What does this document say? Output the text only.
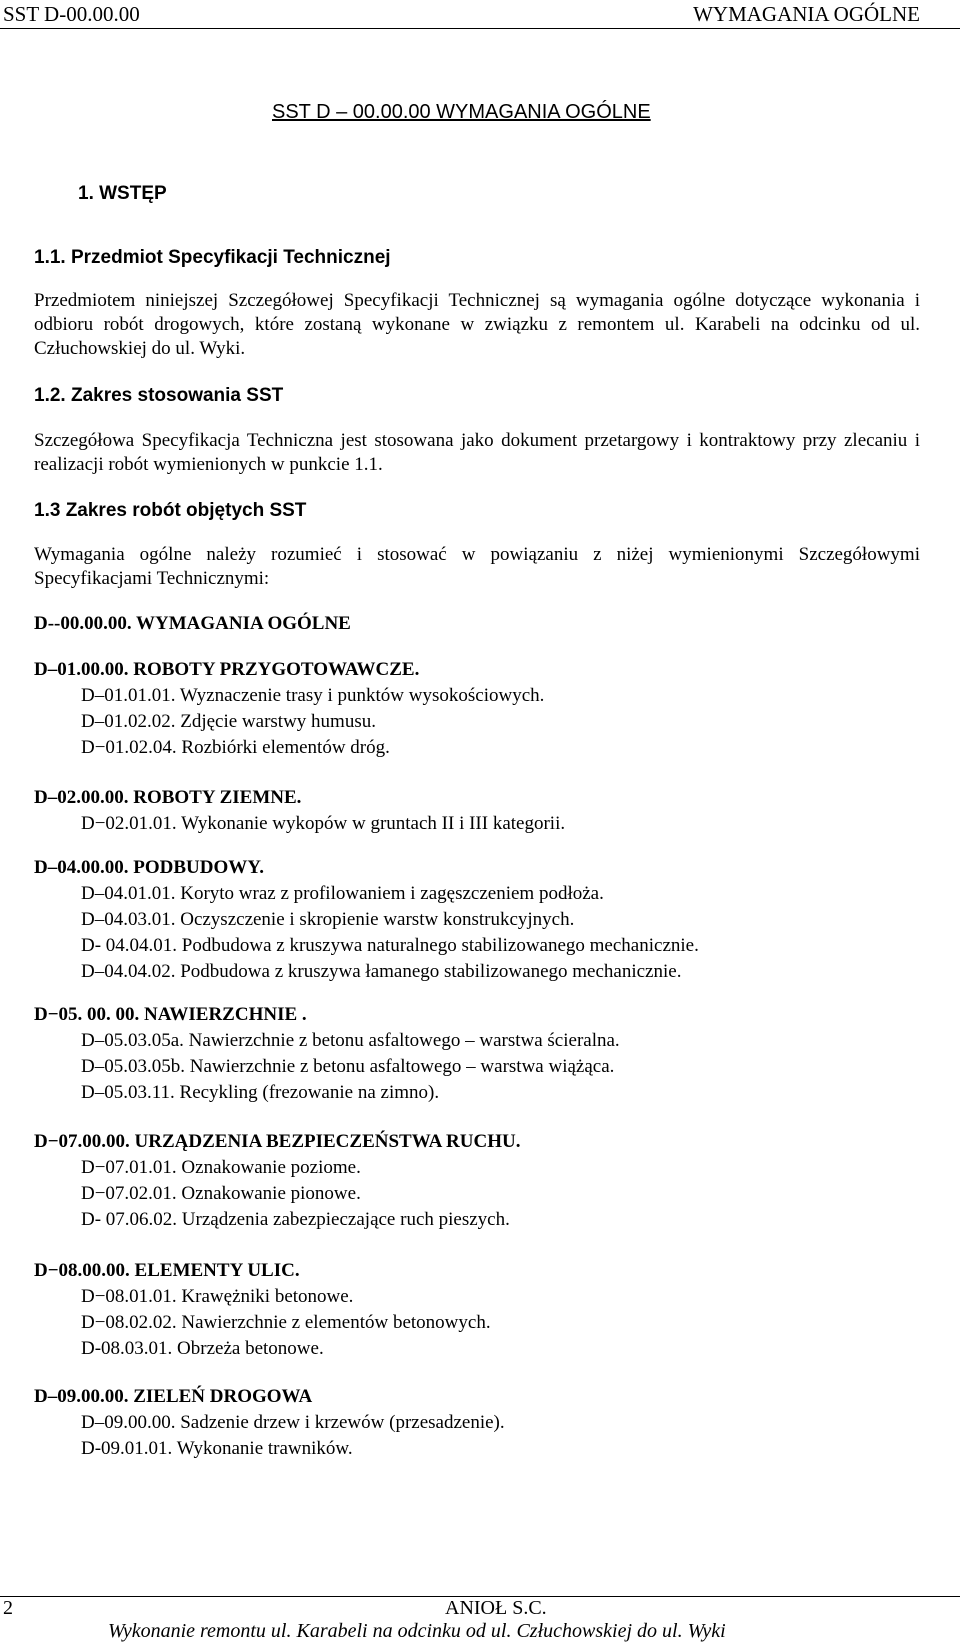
SST D-00.00.00	WYMAGANIA OGÓLNE
SST D – 00.00.00 WYMAGANIA OGÓLNE
1. WSTĘP
1.1. Przedmiot Specyfikacji Technicznej
Przedmiotem niniejszej Szczegółowej Specyfikacji Technicznej są wymagania ogólne dotyczące wykonania i odbioru robót drogowych, które zostaną wykonane w związku z remontem ul. Karabeli na odcinku od ul. Człuchowskiej do ul. Wyki.
1.2. Zakres stosowania SST
Szczegółowa Specyfikacja Techniczna jest stosowana jako dokument przetargowy i kontraktowy przy zlecaniu i realizacji robót wymienionych w punkcie 1.1.
1.3 Zakres robót objętych SST
Wymagania ogólne należy rozumieć i stosować w powiązaniu z niżej wymienionymi Szczegółowymi Specyfikacjami Technicznymi:
D--00.00.00. WYMAGANIA OGÓLNE
D–01.00.00. ROBOTY PRZYGOTOWAWCZE.
D–01.01.01. Wyznaczenie trasy i punktów wysokościowych.
D–01.02.02. Zdjęcie warstwy humusu.
D−01.02.04. Rozbiórki elementów dróg.
D–02.00.00. ROBOTY ZIEMNE.
D−02.01.01. Wykonanie wykopów w gruntach II i III kategorii.
D–04.00.00. PODBUDOWY.
D–04.01.01. Koryto wraz z profilowaniem i zagęszczeniem podłoża.
D–04.03.01. Oczyszczenie i skropienie warstw konstrukcyjnych.
D- 04.04.01. Podbudowa z kruszywa naturalnego stabilizowanego mechanicznie.
D–04.04.02. Podbudowa z kruszywa łamanego stabilizowanego mechanicznie.
D−05. 00. 00. NAWIERZCHNIE .
D–05.03.05a. Nawierzchnie z betonu asfaltowego – warstwa ścieralna.
D–05.03.05b. Nawierzchnie z betonu asfaltowego – warstwa wiążąca.
D–05.03.11. Recykling (frezowanie na zimno).
D−07.00.00. URZĄDZENIA BEZPIECZEŃSTWA RUCHU.
D−07.01.01. Oznakowanie poziome.
D−07.02.01. Oznakowanie pionowe.
D- 07.06.02. Urządzenia zabezpieczające ruch pieszych.
D−08.00.00. ELEMENTY ULIC.
D−08.01.01. Krawężniki betonowe.
D−08.02.02. Nawierzchnie z elementów betonowych.
D-08.03.01. Obrzeża betonowe.
D–09.00.00. ZIELEŃ DROGOWA
D–09.00.00. Sadzenie drzew i krzewów (przesadzenie).
D-09.01.01. Wykonanie trawników.
2	ANIOŁ S.C.
Wykonanie remontu ul. Karabeli na odcinku od ul. Człuchowskiej do ul. Wyki
